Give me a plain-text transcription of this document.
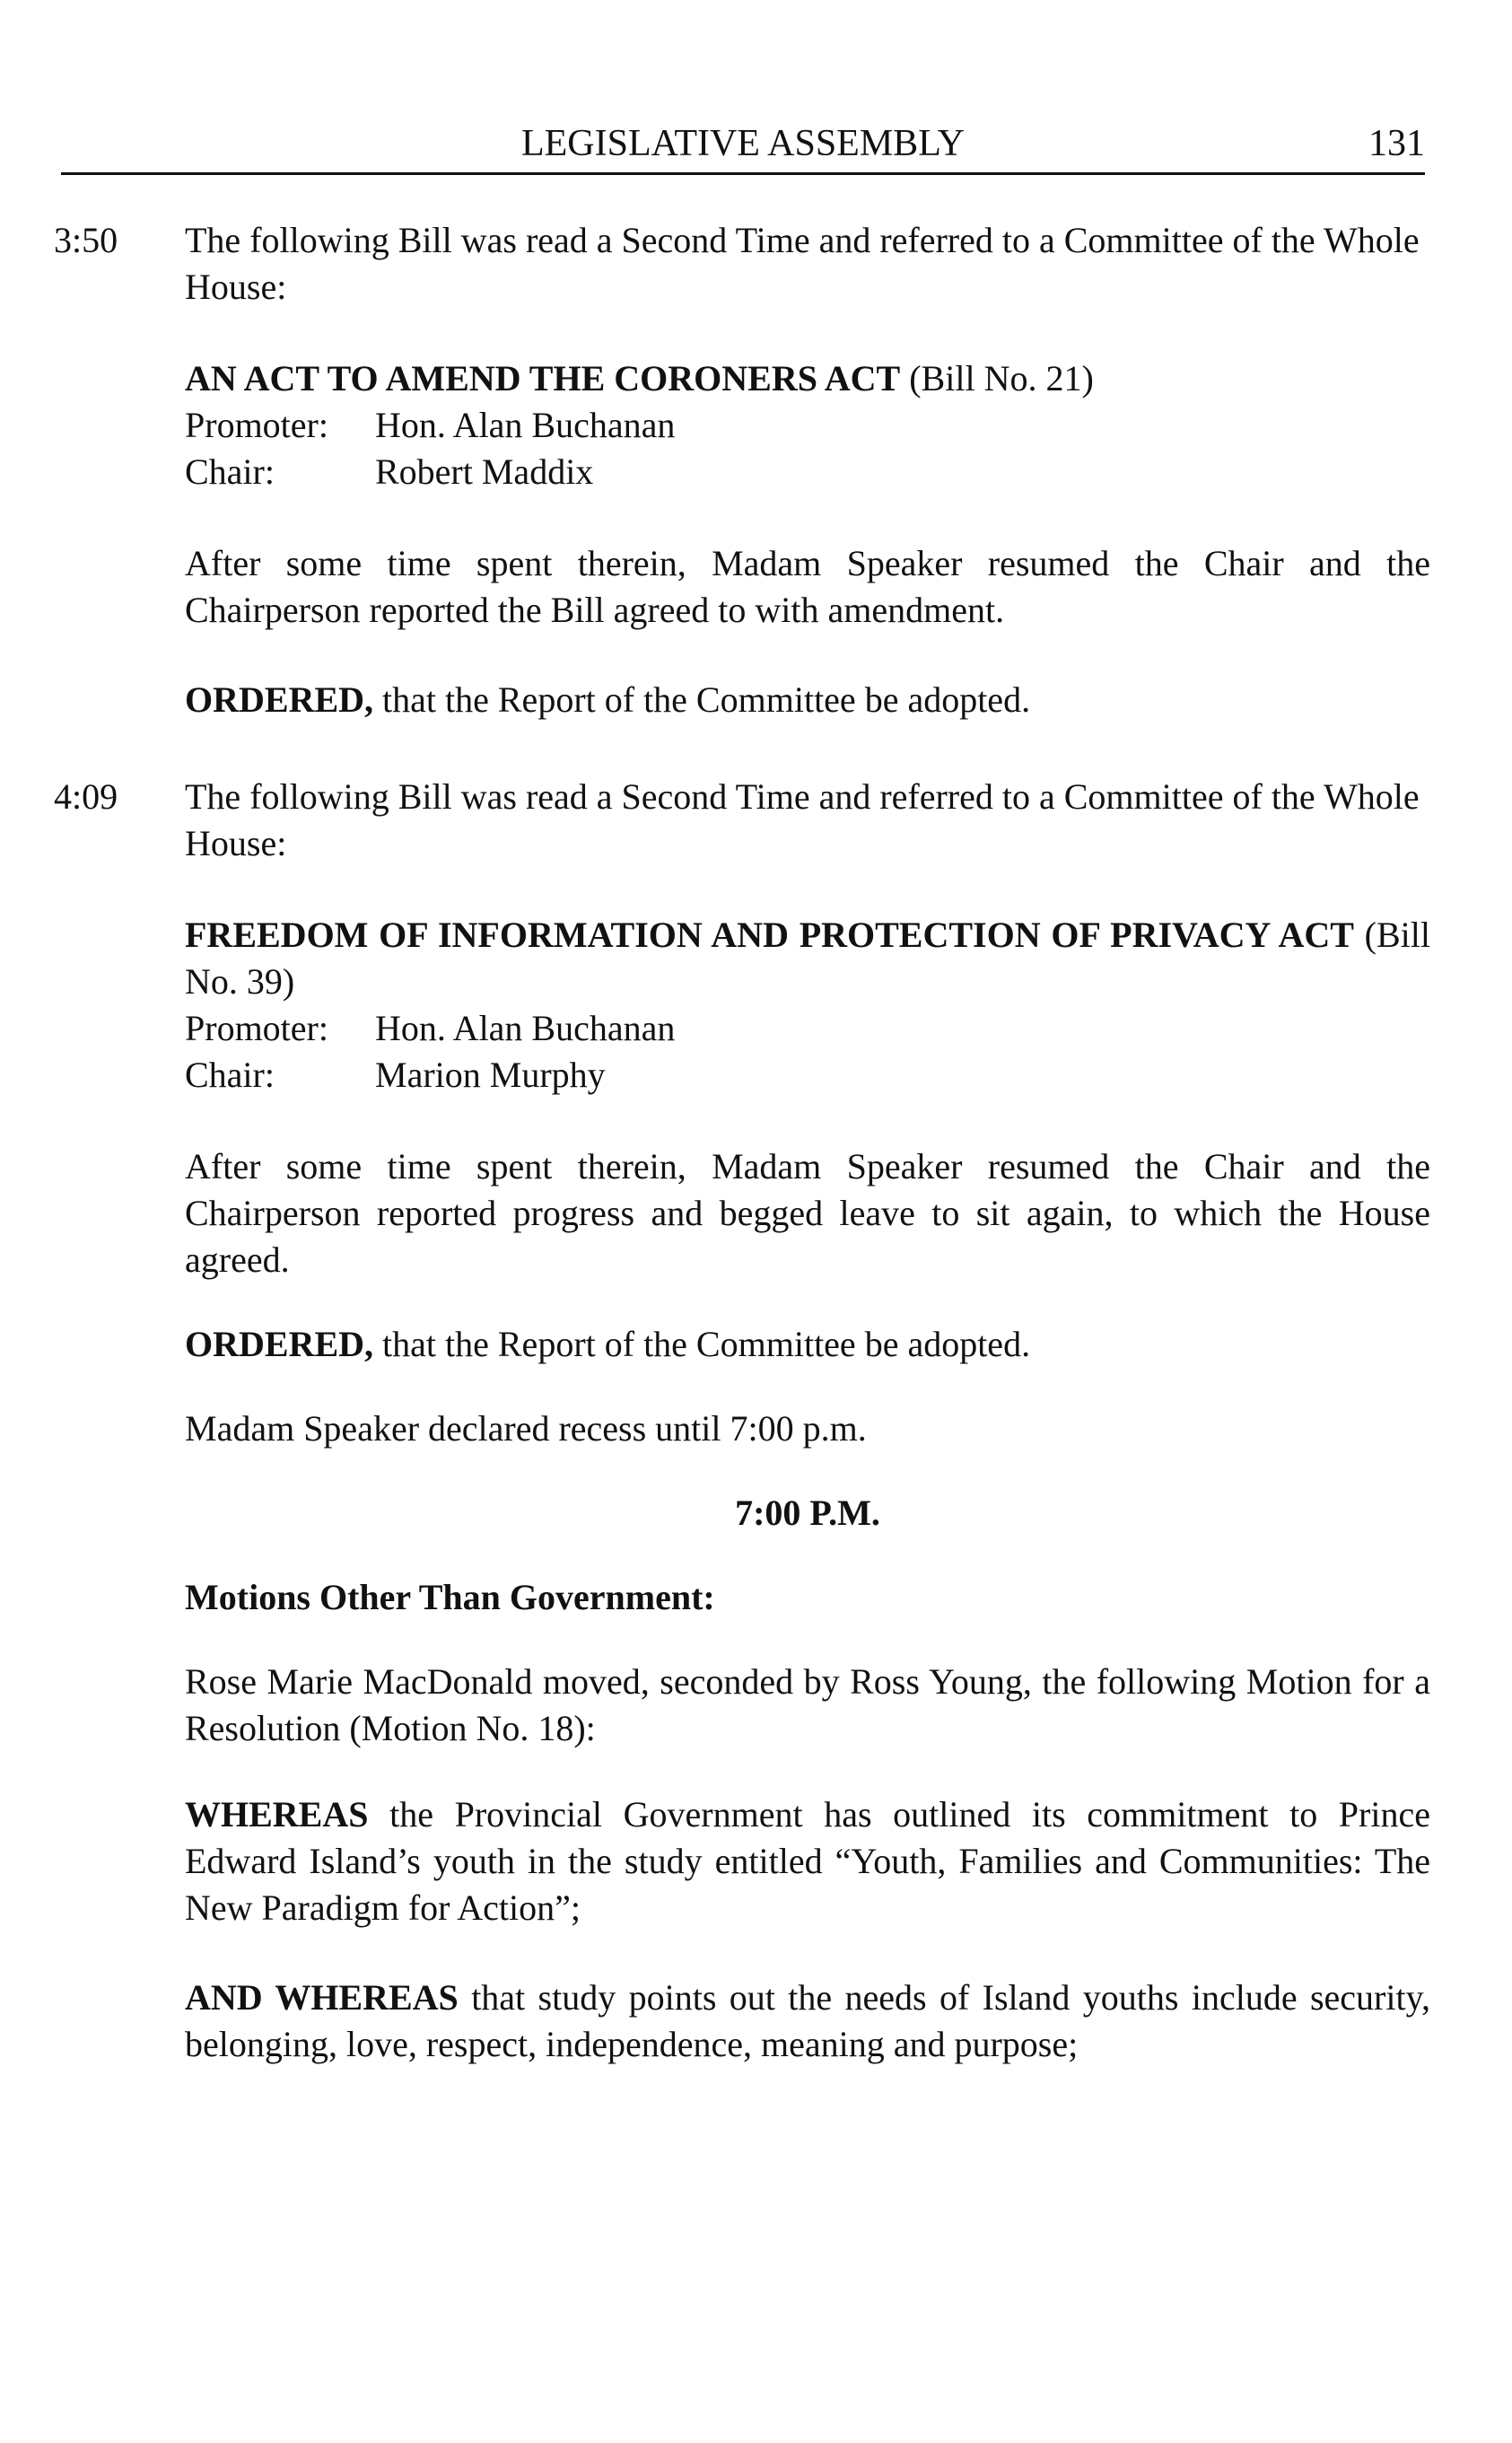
LEGISLATIVE ASSEMBLY	131
3:50 The following Bill was read a Second Time and referred to a Committee of the Whole House:

AN ACT TO AMEND THE CORONERS ACT (Bill No. 21)

Promoter:	Hon. Alan Buchanan
Chair:	Robert Maddix

After some time spent therein, Madam Speaker resumed the Chair and the Chairperson reported the Bill agreed to with amendment.

ORDERED, that the Report of the Committee be adopted.

4:09 The following Bill was read a Second Time and referred to a Committee of the Whole House:

FREEDOM OF INFORMATION AND PROTECTION OF PRIVACY ACT (Bill No. 39)

Promoter:	Hon. Alan Buchanan
Chair:	Marion Murphy

After some time spent therein, Madam Speaker resumed the Chair and the Chairperson reported progress and begged leave to sit again, to which the House agreed.

ORDERED, that the Report of the Committee be adopted.

Madam Speaker declared recess until 7:00 p.m.

7:00 P.M.

Motions Other Than Government:

Rose Marie MacDonald moved, seconded by Ross Young, the following Motion for a Resolution (Motion No. 18):

WHEREAS the Provincial Government has outlined its commitment to Prince Edward Island’s youth in the study entitled “Youth, Families and Communities: The New Paradigm for Action”;

AND WHEREAS that study points out the needs of Island youths include security, belonging, love, respect, independence, meaning and purpose;
